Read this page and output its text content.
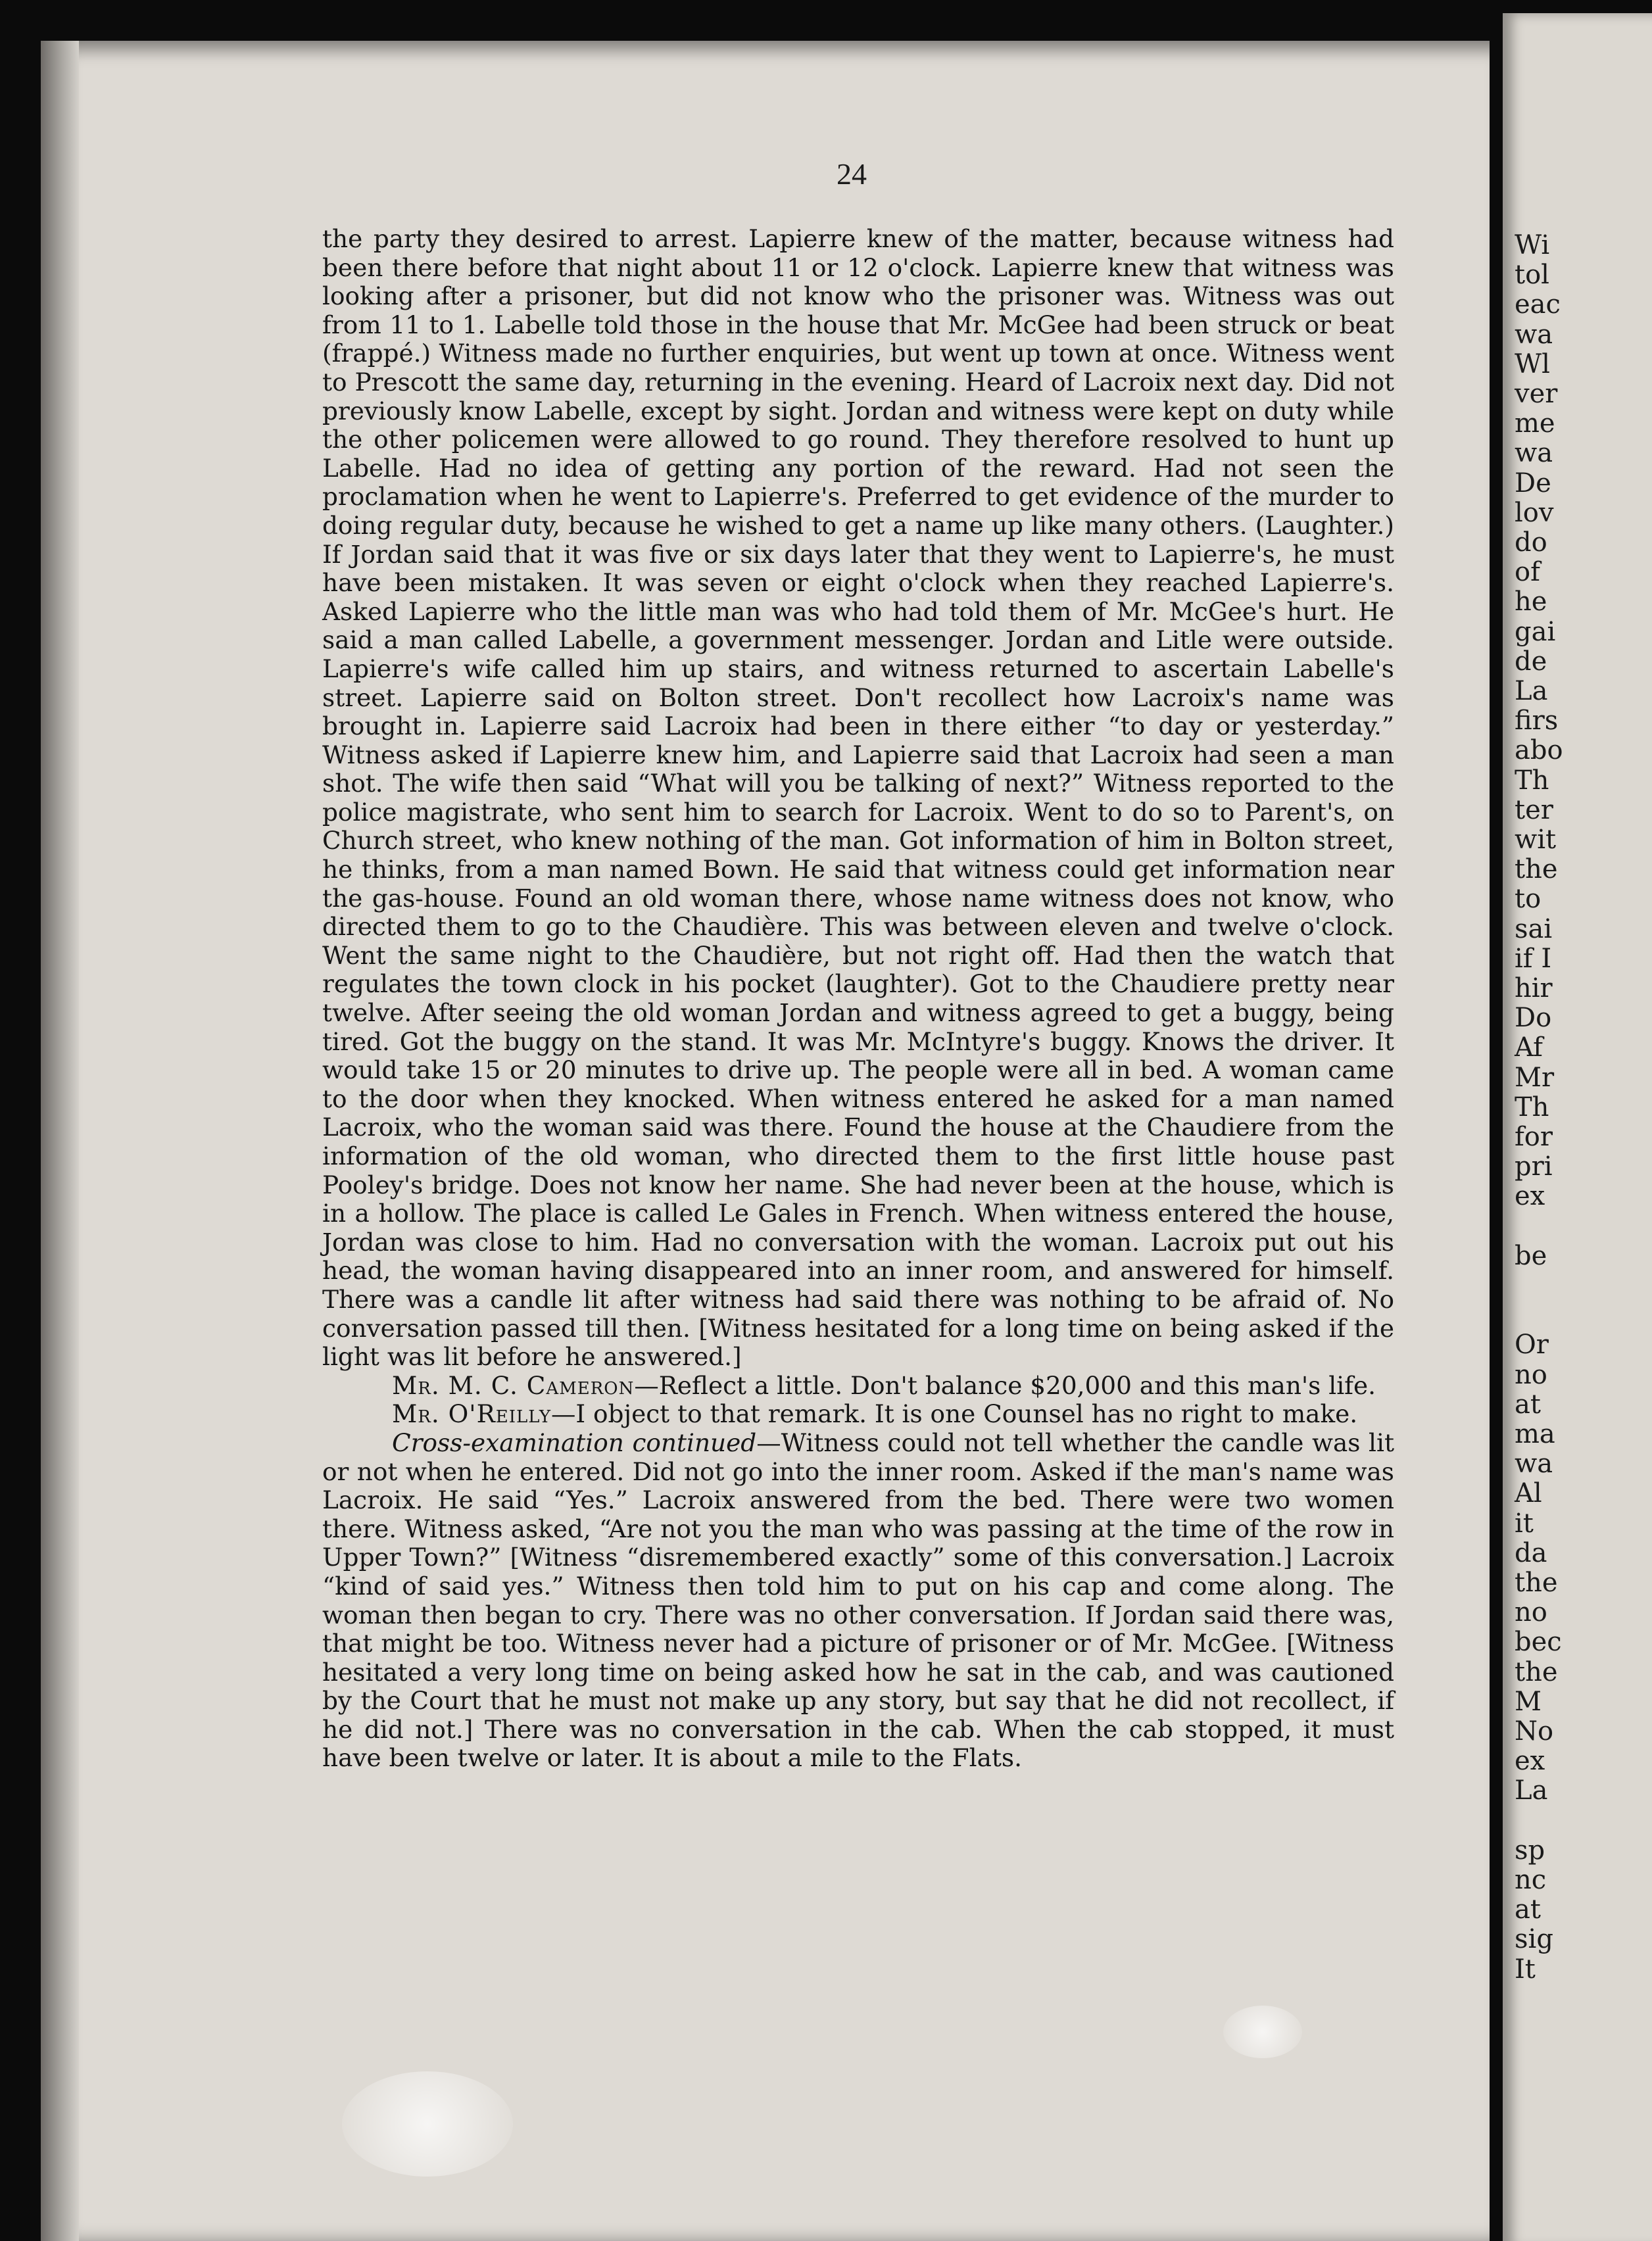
24

the party they desired to arrest. Lapierre knew of the matter, because witness had been there before that night about 11 or 12 o'clock. Lapierre knew that witness was looking after a prisoner, but did not know who the prisoner was. Witness was out from 11 to 1. Labelle told those in the house that Mr. McGee had been struck or beat (frappé.) Witness made no further enquiries, but went up town at once. Witness went to Prescott the same day, returning in the evening. Heard of Lacroix next day. Did not previously know Labelle, except by sight. Jordan and witness were kept on duty while the other policemen were allowed to go round. They therefore resolved to hunt up Labelle. Had no idea of getting any portion of the reward. Had not seen the proclamation when he went to Lapierre's. Preferred to get evidence of the murder to doing regular duty, because he wished to get a name up like many others. (Laughter.) If Jordan said that it was five or six days later that they went to Lapierre's, he must have been mistaken. It was seven or eight o'clock when they reached Lapierre's. Asked Lapierre who the little man was who had told them of Mr. McGee's hurt. He said a man called Labelle, a government messenger. Jordan and Litle were outside. Lapierre's wife called him up stairs, and witness returned to ascertain Labelle's street. Lapierre said on Bolton street. Don't recollect how Lacroix's name was brought in. Lapierre said Lacroix had been in there either “to day or yesterday.” Witness asked if Lapierre knew him, and Lapierre said that Lacroix had seen a man shot. The wife then said “What will you be talking of next?” Witness reported to the police magistrate, who sent him to search for Lacroix. Went to do so to Parent's, on Church street, who knew nothing of the man. Got information of him in Bolton street, he thinks, from a man named Bown. He said that witness could get information near the gas-house. Found an old woman there, whose name witness does not know, who directed them to go to the Chaudière. This was between eleven and twelve o'clock. Went the same night to the Chaudière, but not right off. Had then the watch that regulates the town clock in his pocket (laughter). Got to the Chaudiere pretty near twelve. After seeing the old woman Jordan and witness agreed to get a buggy, being tired. Got the buggy on the stand. It was Mr. McIntyre's buggy. Knows the driver. It would take 15 or 20 minutes to drive up. The people were all in bed. A woman came to the door when they knocked. When witness entered he asked for a man named Lacroix, who the woman said was there. Found the house at the Chaudiere from the information of the old woman, who directed them to the first little house past Pooley's bridge. Does not know her name. She had never been at the house, which is in a hollow. The place is called Le Gales in French. When witness entered the house, Jordan was close to him. Had no conversation with the woman. Lacroix put out his head, the woman having disappeared into an inner room, and answered for himself. There was a candle lit after witness had said there was nothing to be afraid of. No conversation passed till then. [Witness hesitated for a long time on being asked if the light was lit before he answered.]

Mr. M. C. Cameron—Reflect a little. Don't balance $20,000 and this man's life.

Mr. O'Reilly—I object to that remark. It is one Counsel has no right to make.

Cross-examination continued—Witness could not tell whether the candle was lit or not when he entered. Did not go into the inner room. Asked if the man's name was Lacroix. He said “Yes.” Lacroix answered from the bed. There were two women there. Witness asked, “Are not you the man who was passing at the time of the row in Upper Town?” [Witness “disremembered exactly” some of this conversation.] Lacroix “kind of said yes.” Witness then told him to put on his cap and come along. The woman then began to cry. There was no other conversation. If Jordan said there was, that might be too. Witness never had a picture of prisoner or of Mr. McGee. [Witness hesitated a very long time on being asked how he sat in the cab, and was cautioned by the Court that he must not make up any story, but say that he did not recollect, if he did not.] There was no conversation in the cab. When the cab stopped, it must have been twelve or later. It is about a mile to the Flats.

Wi
tol
eac
wa
Wl
ver
me
wa
De
lov
do
of
he
gai
de
La
firs
abo
Th
ter
wit
the
to
sai
if I
hir
Do
Af
Mr
Th
for
pri
ex
be
Or
no
at
ma
wa
Al
it
da
the
no
bec
the
M
No
ex
La
sp
nc
at
sig
It
